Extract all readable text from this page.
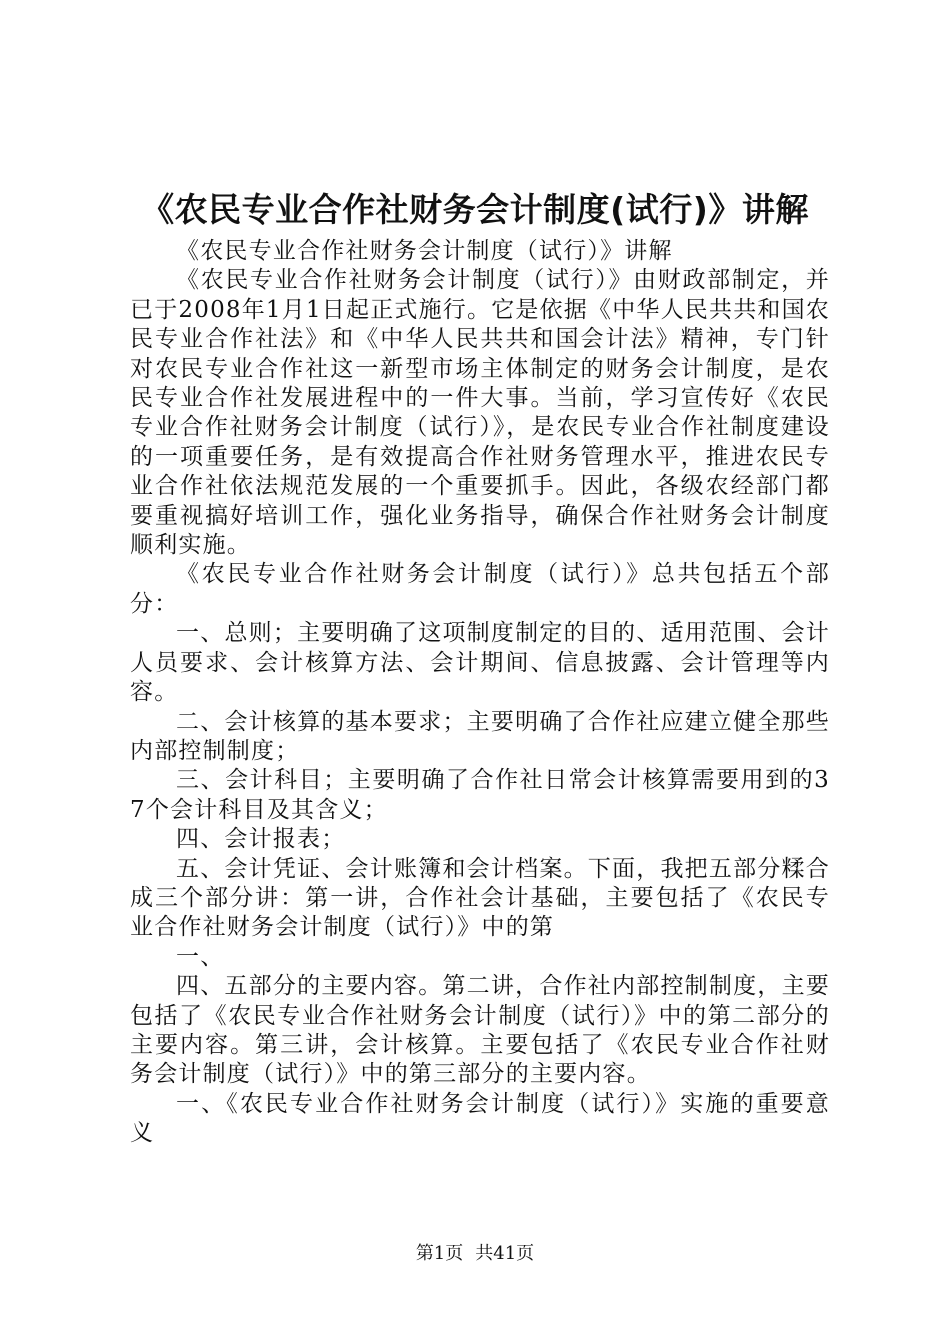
《农民专业合作社财务会计制度(试行)》讲解

《农民专业合作社财务会计制度（试行）》讲解

《农民专业合作社财务会计制度（试行）》由财政部制定，并已于2008年1月1日起正式施行。它是依据《中华人民共共和国农民专业合作社法》和《中华人民共共和国会计法》精神，专门针对农民专业合作社这一新型市场主体制定的财务会计制度，是农民专业合作社发展进程中的一件大事。当前，学习宣传好《农民专业合作社财务会计制度（试行）》，是农民专业合作社制度建设的一项重要任务，是有效提高合作社财务管理水平，推进农民专业合作社依法规范发展的一个重要抓手。因此，各级农经部门都要重视搞好培训工作，强化业务指导，确保合作社财务会计制度顺利实施。

《农民专业合作社财务会计制度（试行）》总共包括五个部分：

一、总则；主要明确了这项制度制定的目的、适用范围、会计人员要求、会计核算方法、会计期间、信息披露、会计管理等内容。

二、会计核算的基本要求；主要明确了合作社应建立健全那些内部控制制度；

三、会计科目；主要明确了合作社日常会计核算需要用到的37个会计科目及其含义；

四、会计报表；

五、会计凭证、会计账簿和会计档案。下面，我把五部分糅合成三个部分讲：第一讲，合作社会计基础，主要包括了《农民专业合作社财务会计制度（试行）》中的第

一、

四、五部分的主要内容。第二讲，合作社内部控制制度，主要包括了《农民专业合作社财务会计制度（试行）》中的第二部分的主要内容。第三讲，会计核算。主要包括了《农民专业合作社财务会计制度（试行）》中的第三部分的主要内容。

一、《农民专业合作社财务会计制度（试行）》实施的重要意义

第1页 共41页
